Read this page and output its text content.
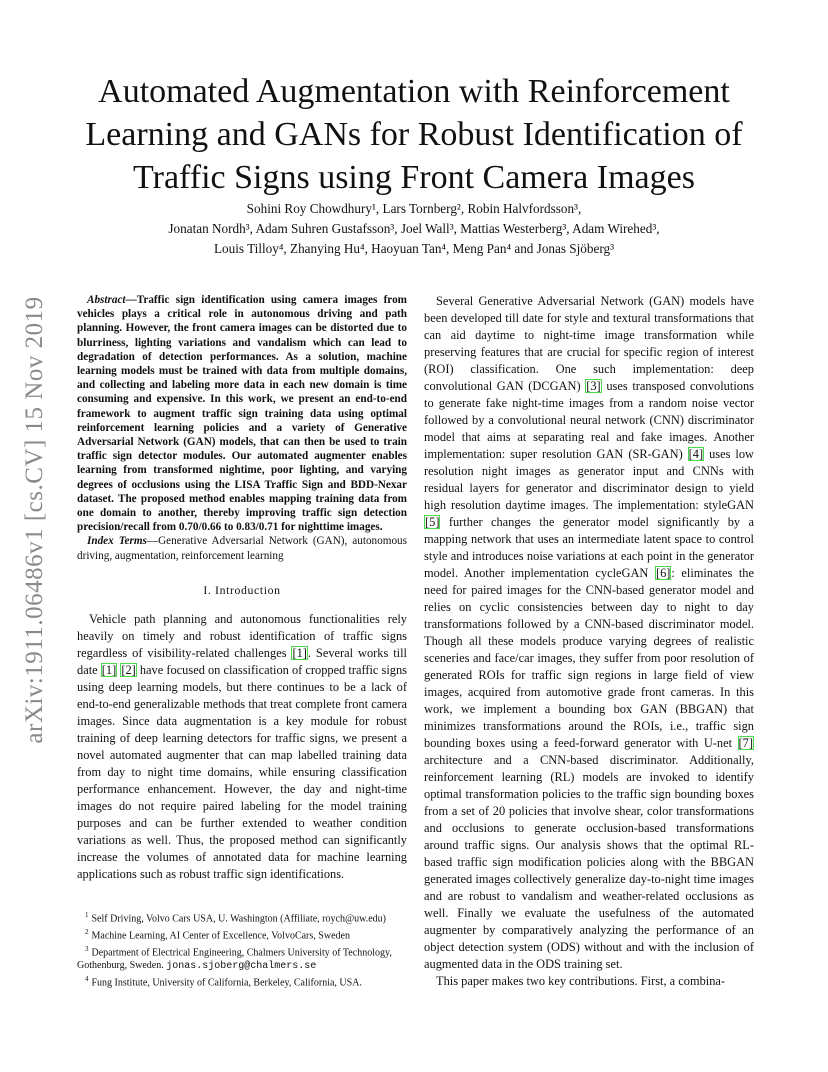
arXiv:1911.06486v1 [cs.CV] 15 Nov 2019
Automated Augmentation with Reinforcement
Learning and GANs for Robust Identification of
Traffic Signs using Front Camera Images
Sohini Roy Chowdhury¹, Lars Tornberg², Robin Halvfordsson³,
Jonatan Nordh³, Adam Suhren Gustafsson³, Joel Wall³, Mattias Westerberg³, Adam Wirehed³,
Louis Tilloy⁴, Zhanying Hu⁴, Haoyuan Tan⁴, Meng Pan⁴ and Jonas Sjöberg³

Abstract—Traffic sign identification using camera images from vehicles plays a critical role in autonomous driving and path planning. However, the front camera images can be distorted due to blurriness, lighting variations and vandalism which can lead to degradation of detection performances. As a solution, machine learning models must be trained with data from multiple domains, and collecting and labeling more data in each new domain is time consuming and expensive. In this work, we present an end-to-end framework to augment traffic sign training data using optimal reinforcement learning policies and a variety of Generative Adversarial Network (GAN) models, that can then be used to train traffic sign detector modules. Our automated augmenter enables learning from transformed nightime, poor lighting, and varying degrees of occlusions using the LISA Traffic Sign and BDD-Nexar dataset. The proposed method enables mapping training data from one domain to another, thereby improving traffic sign detection precision/recall from 0.70/0.66 to 0.83/0.71 for nighttime images.

Index Terms—Generative Adversarial Network (GAN), autonomous driving, augmentation, reinforcement learning

I. Introduction

Vehicle path planning and autonomous functionalities rely heavily on timely and robust identification of traffic signs regardless of visibility-related challenges [1]. Several works till date [1] [2] have focused on classification of cropped traffic signs using deep learning models, but there continues to be a lack of end-to-end generalizable methods that treat complete front camera images. Since data augmentation is a key module for robust training of deep learning detectors for traffic signs, we present a novel automated augmenter that can map labelled training data from day to night time domains, while ensuring classification performance enhancement. However, the day and night-time images do not require paired labeling for the model training purposes and can be further extended to weather condition variations as well. Thus, the proposed method can significantly increase the volumes of annotated data for machine learning applications such as robust traffic sign identifications.

$^1$ Self Driving, Volvo Cars USA, U. Washington (Affiliate, roych@uw.edu)

$^2$ Machine Learning, AI Center of Excellence, VolvoCars, Sweden

$^3$ Department of Electrical Engineering, Chalmers University of Technology, Gothenburg, Sweden. jonas.sjoberg@chalmers.se

$^4$ Fung Institute, University of California, Berkeley, California, USA.

Several Generative Adversarial Network (GAN) models have been developed till date for style and textural transformations that can aid daytime to night-time image transformation while preserving features that are crucial for specific region of interest (ROI) classification. One such implementation: deep convolutional GAN (DCGAN) [3] uses transposed convolutions to generate fake night-time images from a random noise vector followed by a convolutional neural network (CNN) discriminator model that aims at separating real and fake images. Another implementation: super resolution GAN (SR-GAN) [4] uses low resolution night images as generator input and CNNs with residual layers for generator and discriminator design to yield high resolution daytime images. The implementation: styleGAN [5] further changes the generator model significantly by a mapping network that uses an intermediate latent space to control style and introduces noise variations at each point in the generator model. Another implementation cycleGAN [6]: eliminates the need for paired images for the CNN-based generator model and relies on cyclic consistencies between day to night to day transformations followed by a CNN-based discriminator model. Though all these models produce varying degrees of realistic sceneries and face/car images, they suffer from poor resolution of generated ROIs for traffic sign regions in large field of view images, acquired from automotive grade front cameras. In this work, we implement a bounding box GAN (BBGAN) that minimizes transformations around the ROIs, i.e., traffic sign bounding boxes using a feed-forward generator with U-net [7] architecture and a CNN-based discriminator. Additionally, reinforcement learning (RL) models are invoked to identify optimal transformation policies to the traffic sign bounding boxes from a set of 20 policies that involve shear, color transformations and occlusions to generate occlusion-based transformations around traffic signs. Our analysis shows that the optimal RL-based traffic sign modification policies along with the BBGAN generated images collectively generalize day-to-night time images and are robust to vandalism and weather-related occlusions as well. Finally we evaluate the usefulness of the automated augmenter by comparatively analyzing the performance of an object detection system (ODS) without and with the inclusion of augmented data in the ODS training set.

This paper makes two key contributions. First, a combina-
